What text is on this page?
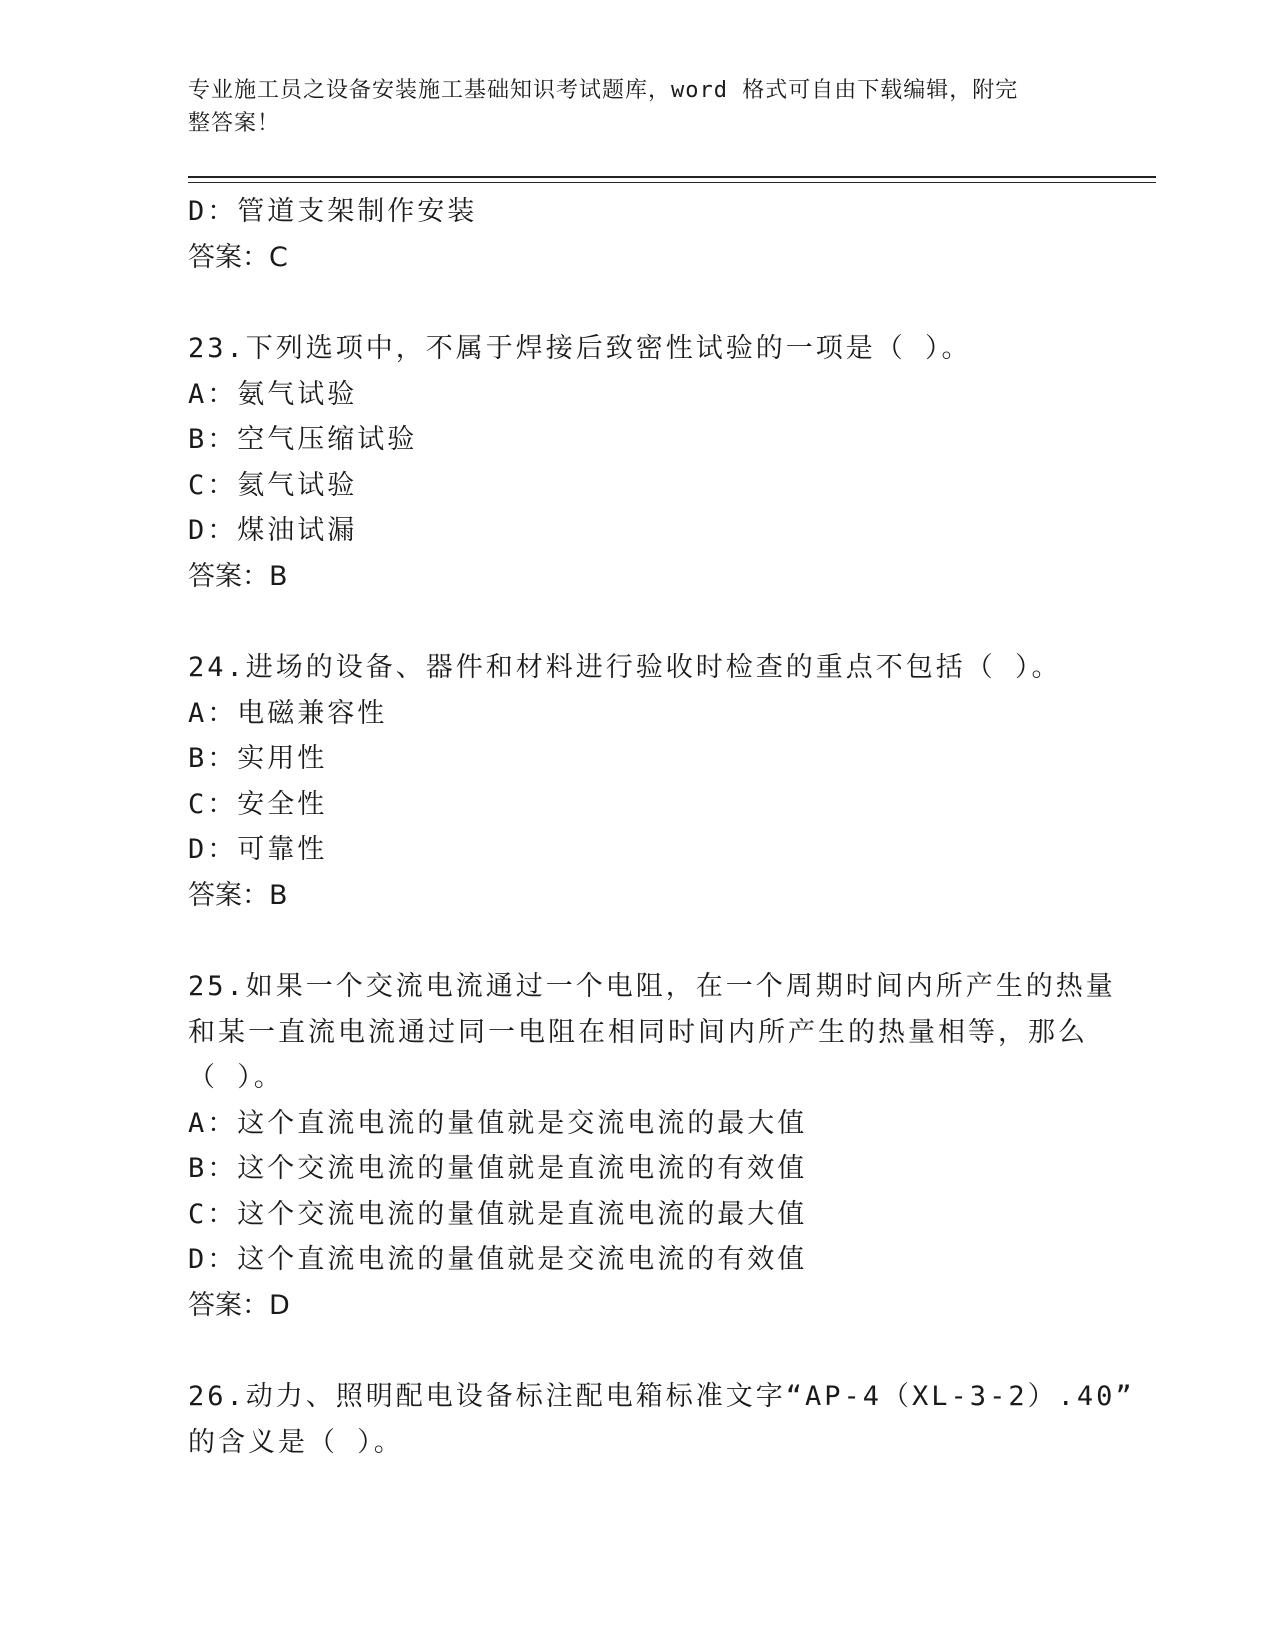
专业施工员之设备安装施工基础知识考试题库，word 格式可自由下载编辑，附完
整答案！
D：管道支架制作安装
答案：C
23.下列选项中，不属于焊接后致密性试验的一项是（ ）。
A：氨气试验
B：空气压缩试验
C：氦气试验
D：煤油试漏
答案：B
24.进场的设备、器件和材料进行验收时检查的重点不包括（ ）。
A：电磁兼容性
B：实用性
C：安全性
D：可靠性
答案：B
25.如果一个交流电流通过一个电阻，在一个周期时间内所产生的热量
和某一直流电流通过同一电阻在相同时间内所产生的热量相等，那么
（ ）。
A：这个直流电流的量值就是交流电流的最大值
B：这个交流电流的量值就是直流电流的有效值
C：这个交流电流的量值就是直流电流的最大值
D：这个直流电流的量值就是交流电流的有效值
答案：D
26.动力、照明配电设备标注配电箱标准文字“AP-4（XL-3-2）.40”
的含义是（ ）。
